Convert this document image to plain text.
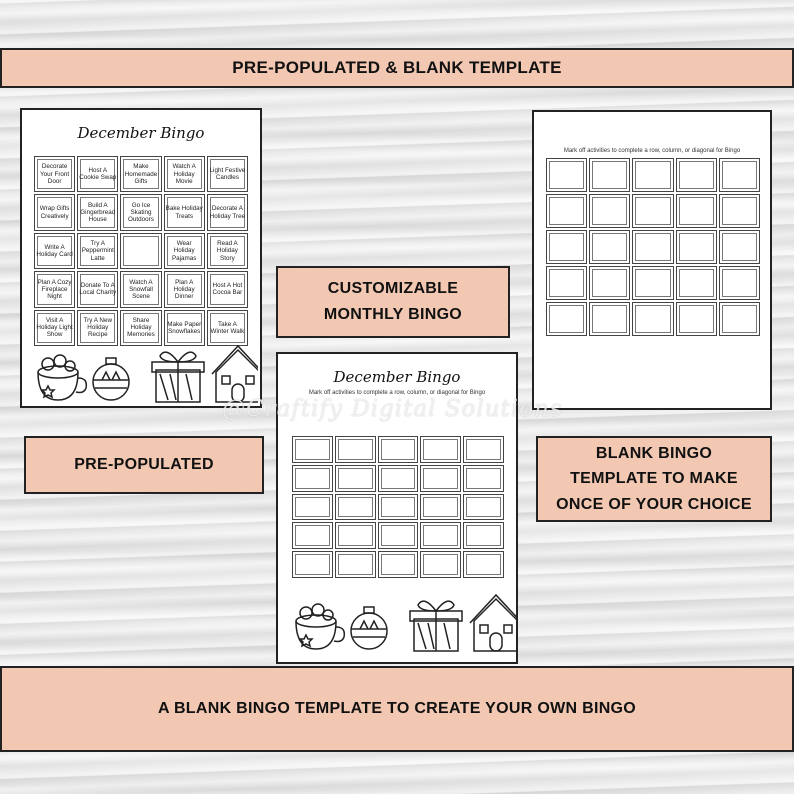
PRE-POPULATED & BLANK TEMPLATE
December Bingo
Decorate Your Front Door
Host A Cookie Swap
Make Homemade Gifts
Watch A Holiday Movie
Light Festive Candles
Wrap Gifts Creatively
Build A Gingerbread House
Go Ice Skating Outdoors
Bake Holiday Treats
Decorate A Holiday Tree
Write A Holiday Card
Try A Peppermint Latte
Wear Holiday Pajamas
Read A Holiday Story
Plan A Cozy Fireplace Night
Donate To A Local Charity
Watch A Snowfall Scene
Plan A Holiday Dinner
Host A Hot Cocoa Bar
Visit A Holiday Light Show
Try A New Holiday Recipe
Share Holiday Memories
Make Paper Snowflakes
Take A Winter Walk
PRE-POPULATED
CUSTOMIZABLE
MONTHLY BINGO
December Bingo
Mark off activities to complete a row, column, or diagonal for Bingo
Mark off activities to complete a row, column, or diagonal for Bingo
BLANK BINGO
TEMPLATE TO MAKE
ONCE OF YOUR CHOICE
@Craftify Digital Solutions
A BLANK BINGO TEMPLATE TO CREATE YOUR OWN BINGO
